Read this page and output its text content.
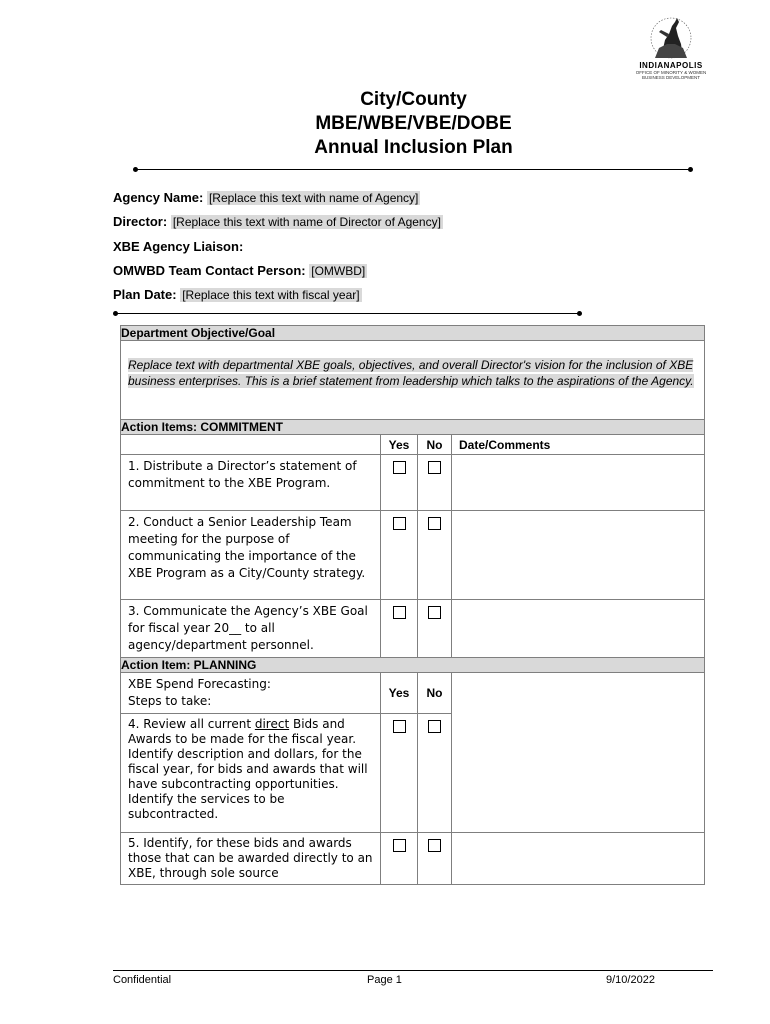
INDIANAPOLIS
OFFICE OF MINORITY & WOMEN
BUSINESS DEVELOPMENT
City/County
MBE/WBE/VBE/DOBE
Annual Inclusion Plan
Agency Name: [Replace this text with name of Agency]
Director: [Replace this text with name of Director of Agency]
XBE Agency Liaison:
OMWBD Team Contact Person: [OMWBD]
Plan Date: [Replace this text with fiscal year]
Department Objective/Goal			
Replace text with departmental XBE goals, objectives, and overall Director's vision for the inclusion of XBE business enterprises. This is a brief statement from leadership which talks to the aspirations of the Agency.			
Action Items: COMMITMENT			
	Yes	No	Date/Comments
1. Distribute a Director’s statement of commitment to the XBE Program.			
2. Conduct a Senior Leadership Team meeting for the purpose of communicating the importance of the XBE Program as a City/County strategy.			
3. Communicate the Agency’s XBE Goal for fiscal year 20__ to all agency/department personnel.			
Action Item: PLANNING			

XBE Spend Forecasting:
Steps to take:	Yes	No	
4. Review all current direct Bids and Awards to be made for the fiscal year. Identify description and dollars, for the fiscal year, for bids and awards that will have subcontracting opportunities. Identify the services to be subcontracted.			
5. Identify, for these bids and awards those that can be awarded directly to an XBE, through sole source			
Confidential	Page 1	9/10/2022
